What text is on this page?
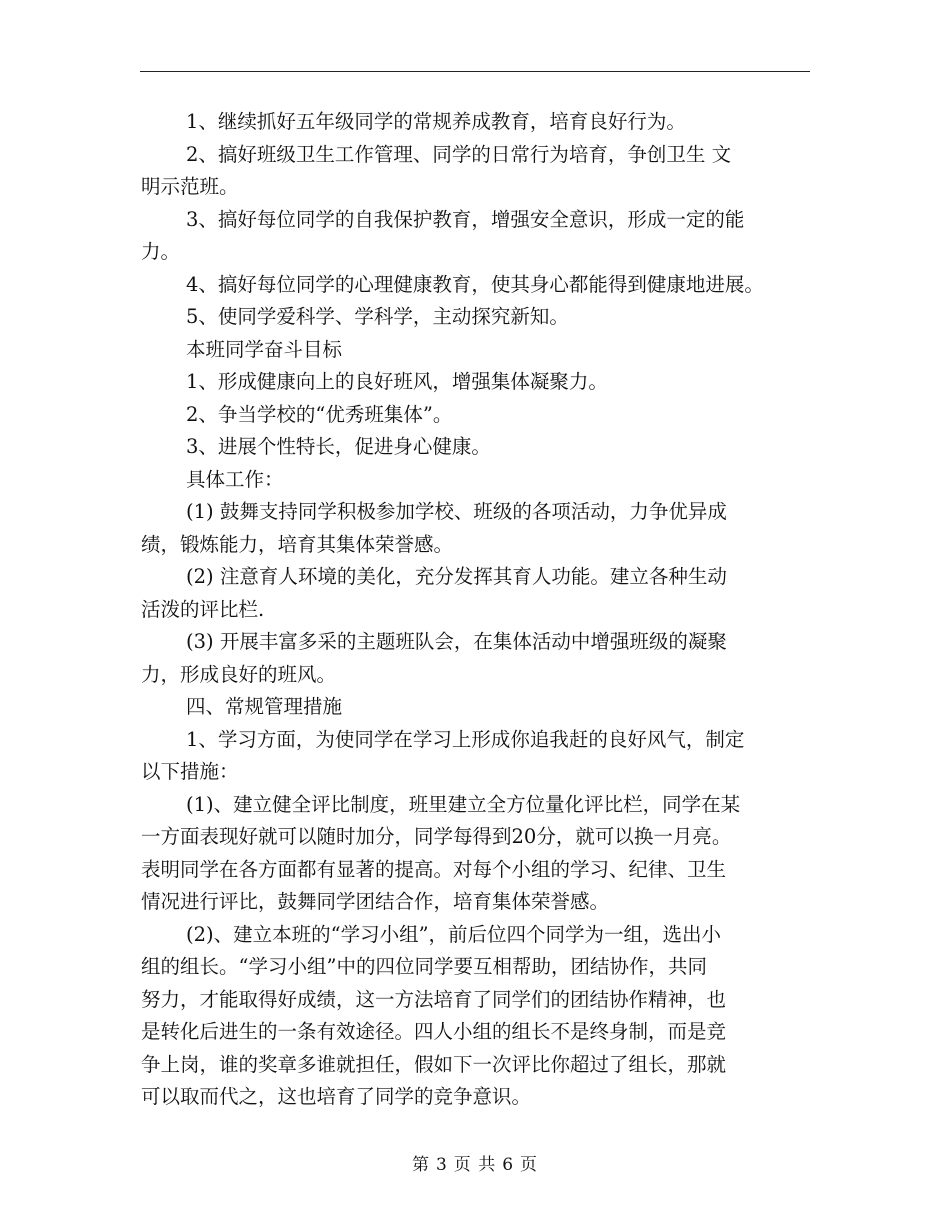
1、继续抓好五年级同学的常规养成教育，培育良好行为。

2、搞好班级卫生工作管理、同学的日常行为培育，争创卫生 文

明示范班。

3、搞好每位同学的自我保护教育，增强安全意识，形成一定的能

力。

4、搞好每位同学的心理健康教育，使其身心都能得到健康地进展。

5、使同学爱科学、学科学，主动探究新知。

本班同学奋斗目标

1、形成健康向上的良好班风，增强集体凝聚力。

2、争当学校的“优秀班集体”。

3、进展个性特长，促进身心健康。

具体工作：

(1) 鼓舞支持同学积极参加学校、班级的各项活动，力争优异成

绩，锻炼能力，培育其集体荣誉感。

(2) 注意育人环境的美化，充分发挥其育人功能。建立各种生动

活泼的评比栏.

(3) 开展丰富多采的主题班队会，在集体活动中增强班级的凝聚

力，形成良好的班风。

四、常规管理措施

1、学习方面，为使同学在学习上形成你追我赶的良好风气，制定

以下措施：

(1)、建立健全评比制度，班里建立全方位量化评比栏，同学在某

一方面表现好就可以随时加分，同学每得到20分，就可以换一月亮。

表明同学在各方面都有显著的提高。对每个小组的学习、纪律、卫生

情况进行评比，鼓舞同学团结合作，培育集体荣誉感。

(2)、建立本班的“学习小组”，前后位四个同学为一组，选出小

组的组长。“学习小组”中的四位同学要互相帮助，团结协作，共同

努力，才能取得好成绩，这一方法培育了同学们的团结协作精神，也

是转化后进生的一条有效途径。四人小组的组长不是终身制，而是竞

争上岗，谁的奖章多谁就担任，假如下一次评比你超过了组长，那就

可以取而代之，这也培育了同学的竞争意识。

第 3 页 共 6 页
